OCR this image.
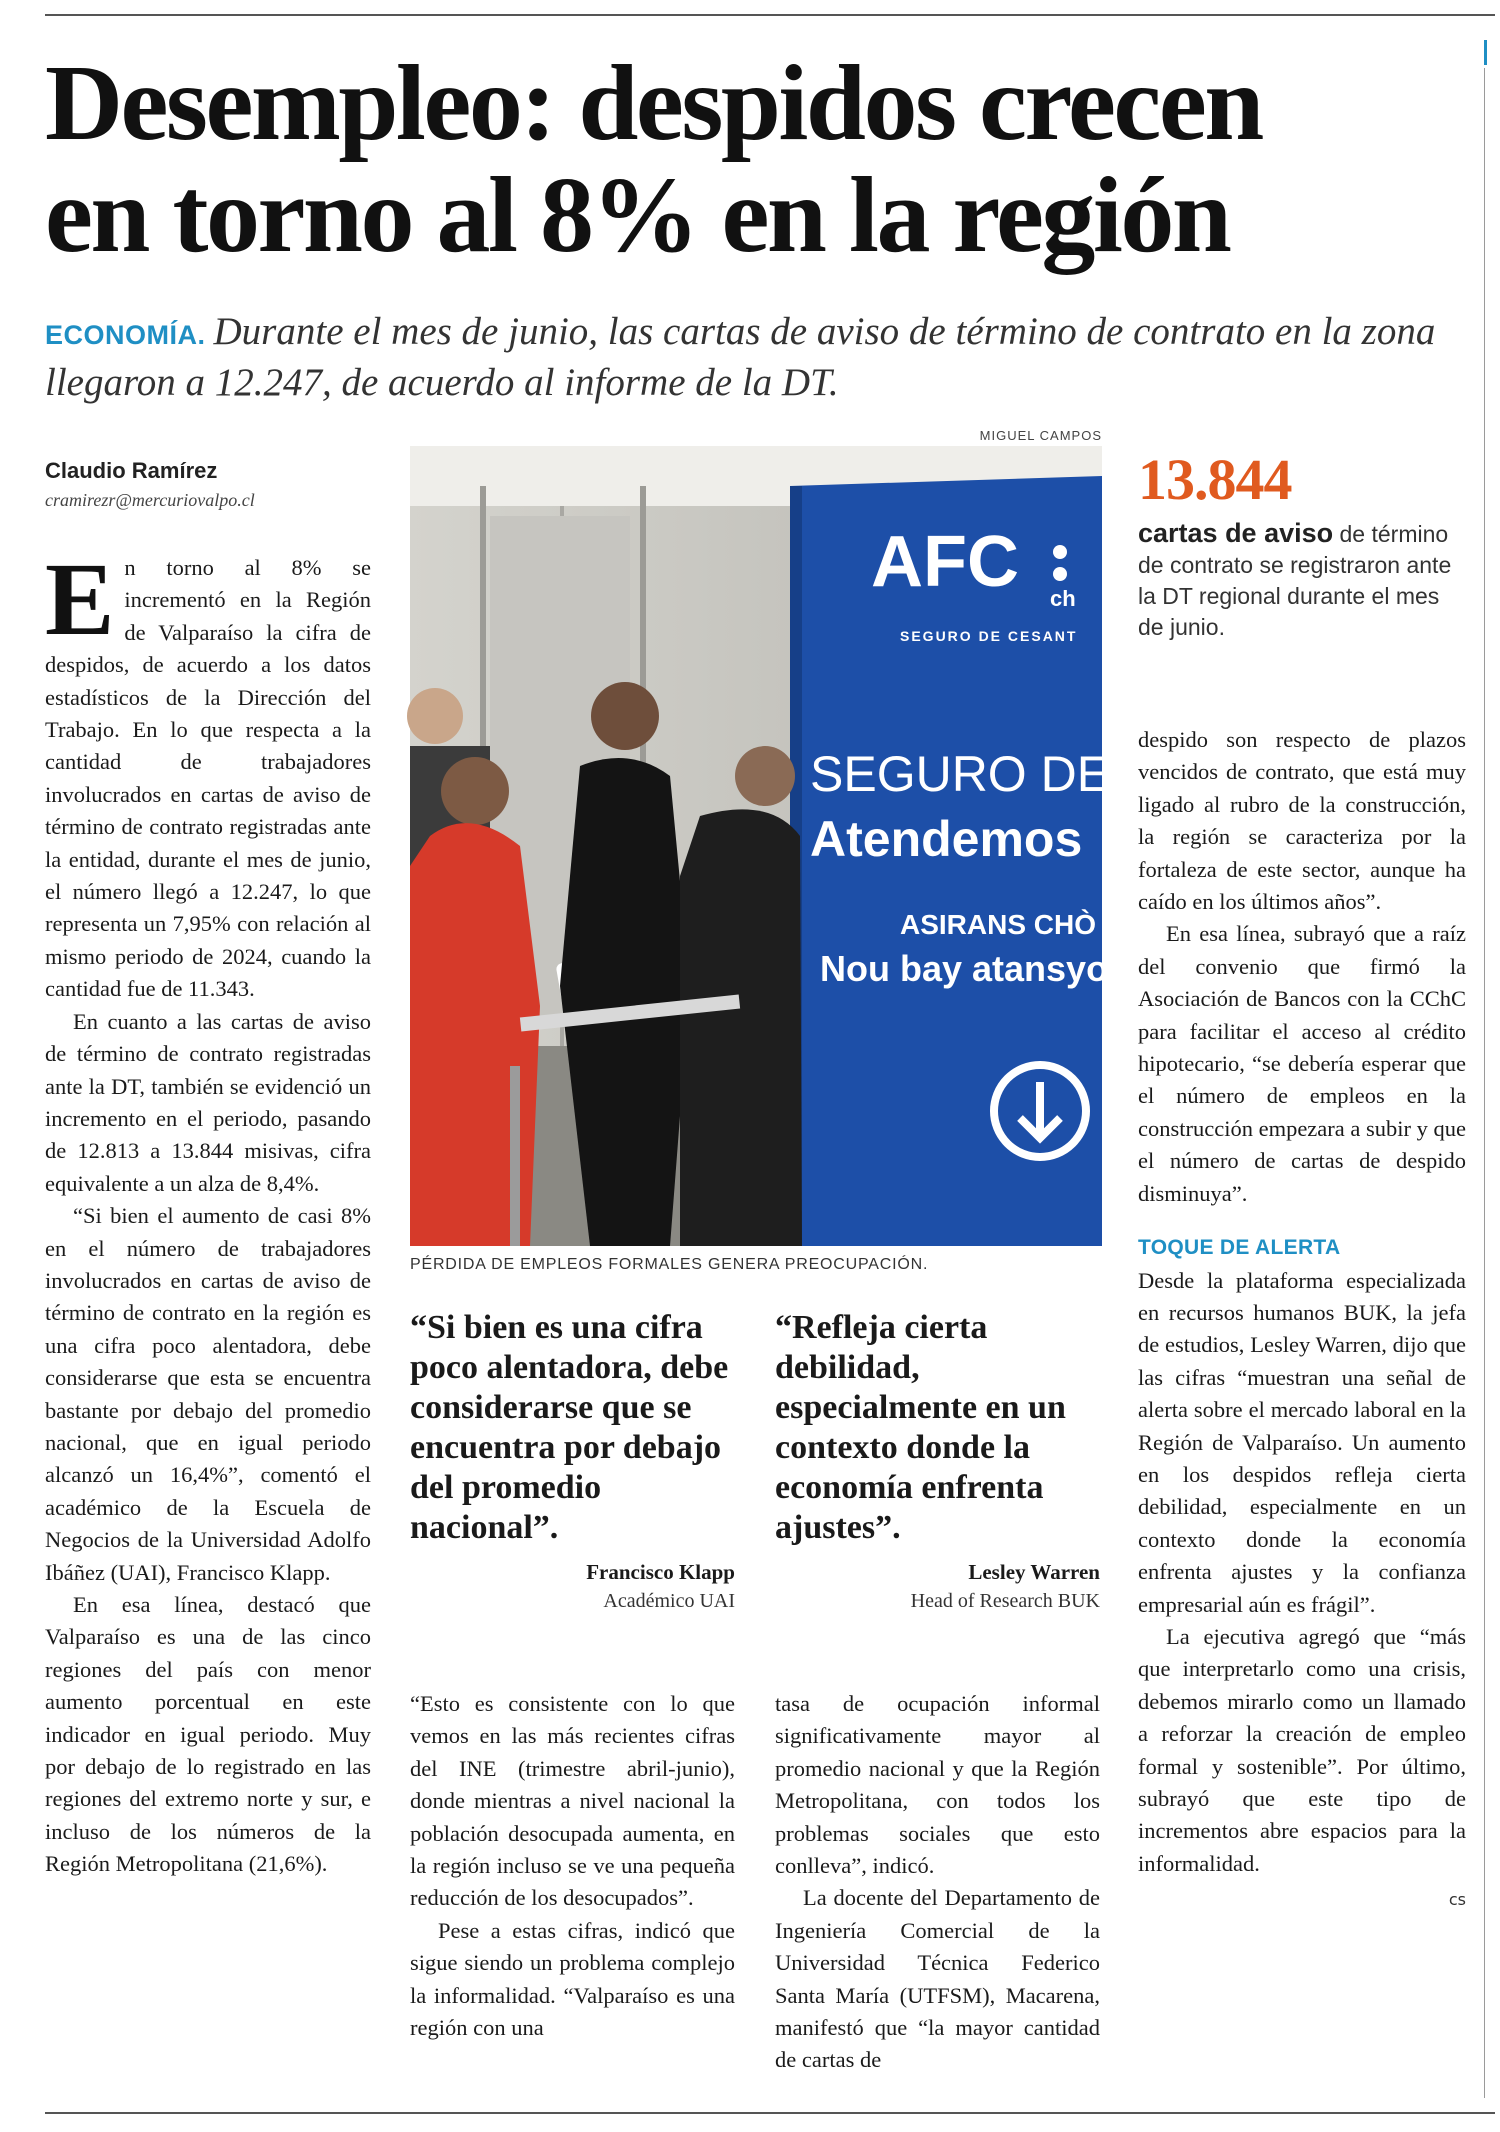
Desempleo: despidos crecen
en torno al 8% en la región
ECONOMÍA. Durante el mes de junio, las cartas de aviso de término de contrato en la zona llegaron a 12.247, de acuerdo al informe de la DT.
Claudio Ramírez
cramirezr@mercuriovalpo.cl
E n torno al 8% se incrementó en la Región de Valparaíso la cifra de despidos, de acuerdo a los datos estadísticos de la Dirección del Trabajo. En lo que respecta a la cantidad de trabajadores involucrados en cartas de aviso de término de contrato registradas ante la entidad, durante el mes de junio, el número llegó a 12.247, lo que representa un 7,95% con relación al mismo periodo de 2024, cuando la cantidad fue de 11.343.

En cuanto a las cartas de aviso de término de contrato registradas ante la DT, también se evidenció un incremento en el periodo, pasando de 12.813 a 13.844 misivas, cifra equivalente a un alza de 8,4%.

“Si bien el aumento de casi 8% en el número de trabajadores involucrados en cartas de aviso de término de contrato en la región es una cifra poco alentadora, debe considerarse que esta se encuentra bastante por debajo del promedio nacional, que en igual periodo alcanzó un 16,4%”, comentó el académico de la Escuela de Negocios de la Universidad Adolfo Ibáñez (UAI), Francisco Klapp.

En esa línea, destacó que Valparaíso es una de las cinco regiones del país con menor aumento porcentual en este indicador en igual periodo. Muy por debajo de lo registrado en las regiones del extremo norte y sur, e incluso de los números de la Región Metropolitana (21,6%).

MIGUEL CAMPOS
AFC ch
SEGURO DE CESANT
SEGURO DE CE
Atendemos
ASIRANS CHÒ
Nou bay atansyo
PÉRDIDA DE EMPLEOS FORMALES GENERA PREOCUPACIÓN.
“Si bien es una cifra poco alentadora, debe considerarse que se encuentra por debajo del promedio nacional”.
Francisco Klapp
Académico UAI
“Refleja cierta debilidad, especialmente en un contexto donde la economía enfrenta ajustes”.
Lesley Warren
Head of Research BUK

“Esto es consistente con lo que vemos en las más recientes cifras del INE (trimestre abril-junio), donde mientras a nivel nacional la población desocupada aumenta, en la región incluso se ve una pequeña reducción de los desocupados”.

Pese a estas cifras, indicó que sigue siendo un problema complejo la informalidad. “Valparaíso es una región con una

tasa de ocupación informal significativamente mayor al promedio nacional y que la Región Metropolitana, con todos los problemas sociales que esto conlleva”, indicó.

La docente del Departamento de Ingeniería Comercial de la Universidad Técnica Federico Santa María (UTFSM), Macarena, manifestó que “la mayor cantidad de cartas de

13.844
cartas de aviso de término de contrato se registraron ante la DT regional durante el mes de junio.

despido son respecto de plazos vencidos de contrato, que está muy ligado al rubro de la construcción, la región se caracteriza por la fortaleza de este sector, aunque ha caído en los últimos años”.

En esa línea, subrayó que a raíz del convenio que firmó la Asociación de Bancos con la CChC para facilitar el acceso al crédito hipotecario, “se debería esperar que el número de empleos en la construcción empezara a subir y que el número de cartas de despido disminuya”.

TOQUE DE ALERTA

Desde la plataforma especializada en recursos humanos BUK, la jefa de estudios, Lesley Warren, dijo que las cifras “muestran una señal de alerta sobre el mercado laboral en la Región de Valparaíso. Un aumento en los despidos refleja cierta debilidad, especialmente en un contexto donde la economía enfrenta ajustes y la confianza empresarial aún es frágil”.

La ejecutiva agregó que “más que interpretarlo como una crisis, debemos mirarlo como un llamado a reforzar la creación de empleo formal y sostenible”. Por último, subrayó que este tipo de incrementos abre espacios para la informalidad.

cs
